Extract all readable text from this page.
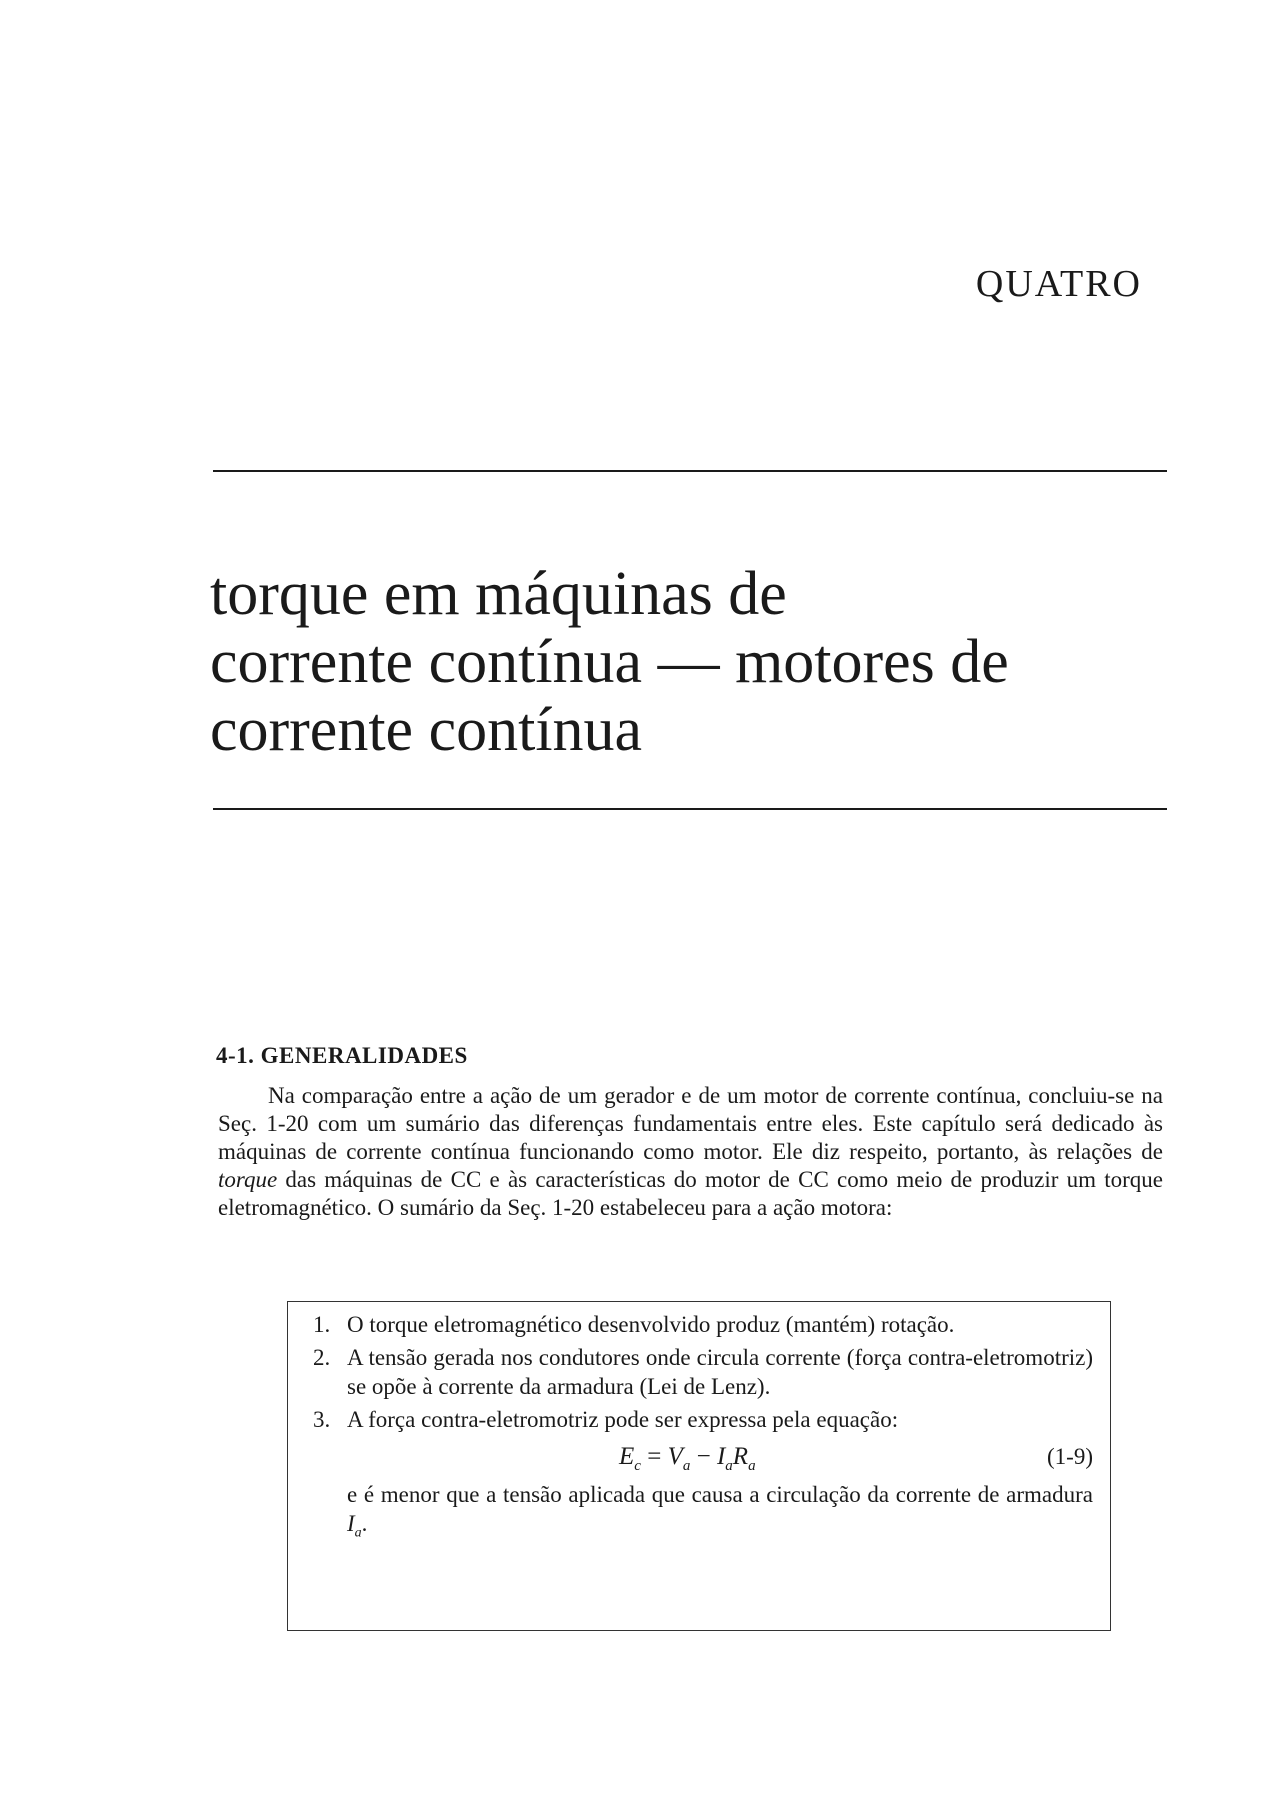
QUATRO
torque em máquinas de
corrente contínua — motores de
corrente contínua
4-1. GENERALIDADES

Na comparação entre a ação de um gerador e de um motor de corrente contínua, concluiu-se na Seç. 1-20 com um sumário das diferenças fundamentais entre eles. Este capítulo será dedicado às máquinas de corrente contínua funcionando como motor. Ele diz respeito, portanto, às relações de torque das máquinas de CC e às características do motor de CC como meio de produzir um torque eletromagnético. O sumário da Seç. 1-20 estabeleceu para a ação motora:

1. O torque eletromagnético desenvolvido produz (mantém) rotação.
2. A tensão gerada nos condutores onde circula corrente (força contra-eletromotriz) se opõe à corrente da armadura (Lei de Lenz).
3. A força contra-eletromotriz pode ser expressa pela equação:
$E_c = V_a - I_aR_a$	(1-9)
e é menor que a tensão aplicada que causa a circulação da corrente de armadura $I_a$.
